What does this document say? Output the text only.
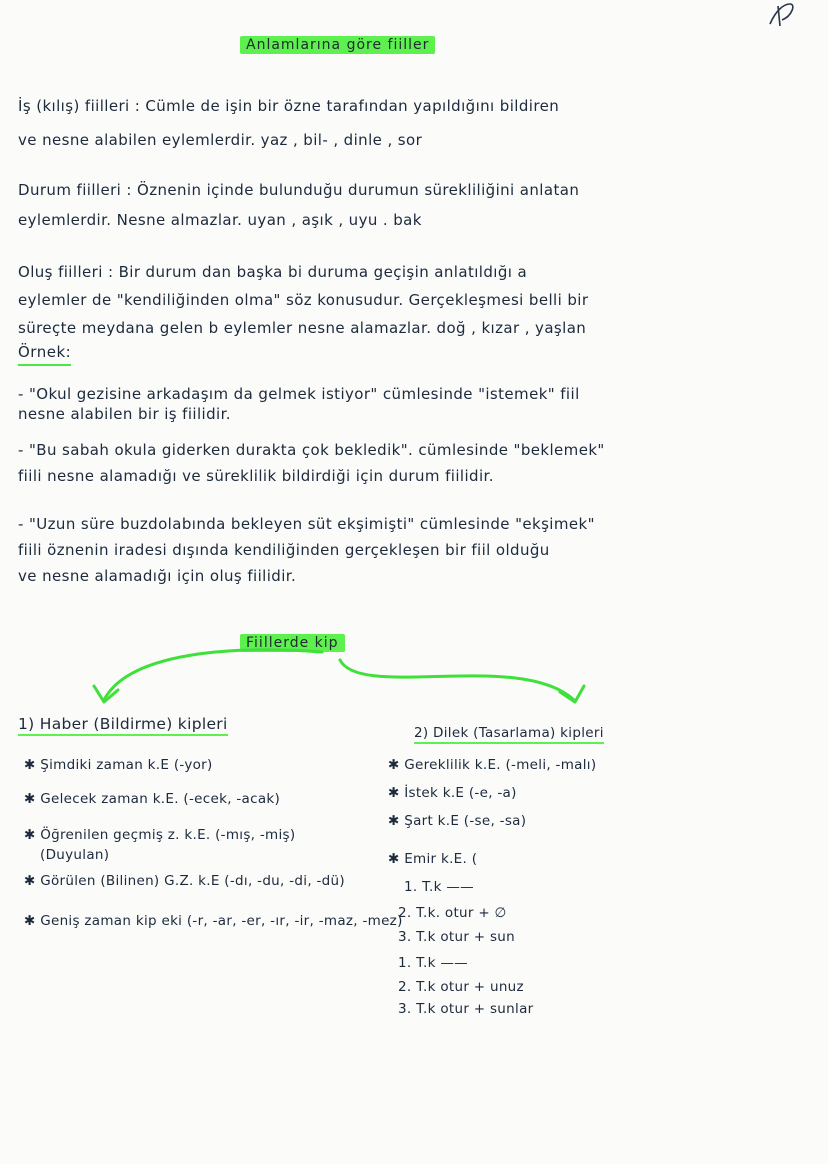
Anlamlarına göre fiiller
İş (kılış) fiilleri : Cümle de işin bir özne tarafından yapıldığını bildiren
ve nesne alabilen eylemlerdir. yaz , bil- , dinle , sor
Durum fiilleri : Öznenin içinde bulunduğu durumun sürekliliğini anlatan
eylemlerdir. Nesne almazlar. uyan , aşık , uyu . bak
Oluş fiilleri : Bir durum dan başka bi duruma geçişin anlatıldığı a
eylemler de "kendiliğinden olma" söz konusudur. Gerçekleşmesi belli bir
süreçte meydana gelen b eylemler nesne alamazlar. doğ , kızar , yaşlan
Örnek:
- "Okul gezisine arkadaşım da gelmek istiyor" cümlesinde "istemek" fiil
nesne alabilen bir iş fiilidir.
- "Bu sabah okula giderken durakta çok bekledik". cümlesinde "beklemek"
fiili nesne alamadığı ve süreklilik bildirdiği için durum fiilidir.
- "Uzun süre buzdolabında bekleyen süt ekşimişti" cümlesinde "ekşimek"
fiili öznenin iradesi dışında kendiliğinden gerçekleşen bir fiil olduğu
ve nesne alamadığı için oluş fiilidir.
Fiillerde kip
1) Haber (Bildirme) kipleri	2) Dilek (Tasarlama) kipleri
✱ Şimdiki zaman k.E (-yor)
✱ Gelecek zaman k.E. (-ecek, -acak)
✱ Öğrenilen geçmiş z. k.E. (-mış, -miş)
(Duyulan)
✱ Görülen (Bilinen) G.Z. k.E (-dı, -du, -di, -dü)
✱ Geniş zaman kip eki (-r, -ar, -er, -ır, -ir, -maz, -mez)
✱ Gereklilik k.E. (-meli, -malı)
✱ İstek k.E (-e, -a)
✱ Şart k.E (-se, -sa)
✱ Emir k.E. (
1. T.k ——
2. T.k. otur + ∅
3. T.k otur + sun
1. T.k ——
2. T.k otur + unuz
3. T.k otur + sunlar
